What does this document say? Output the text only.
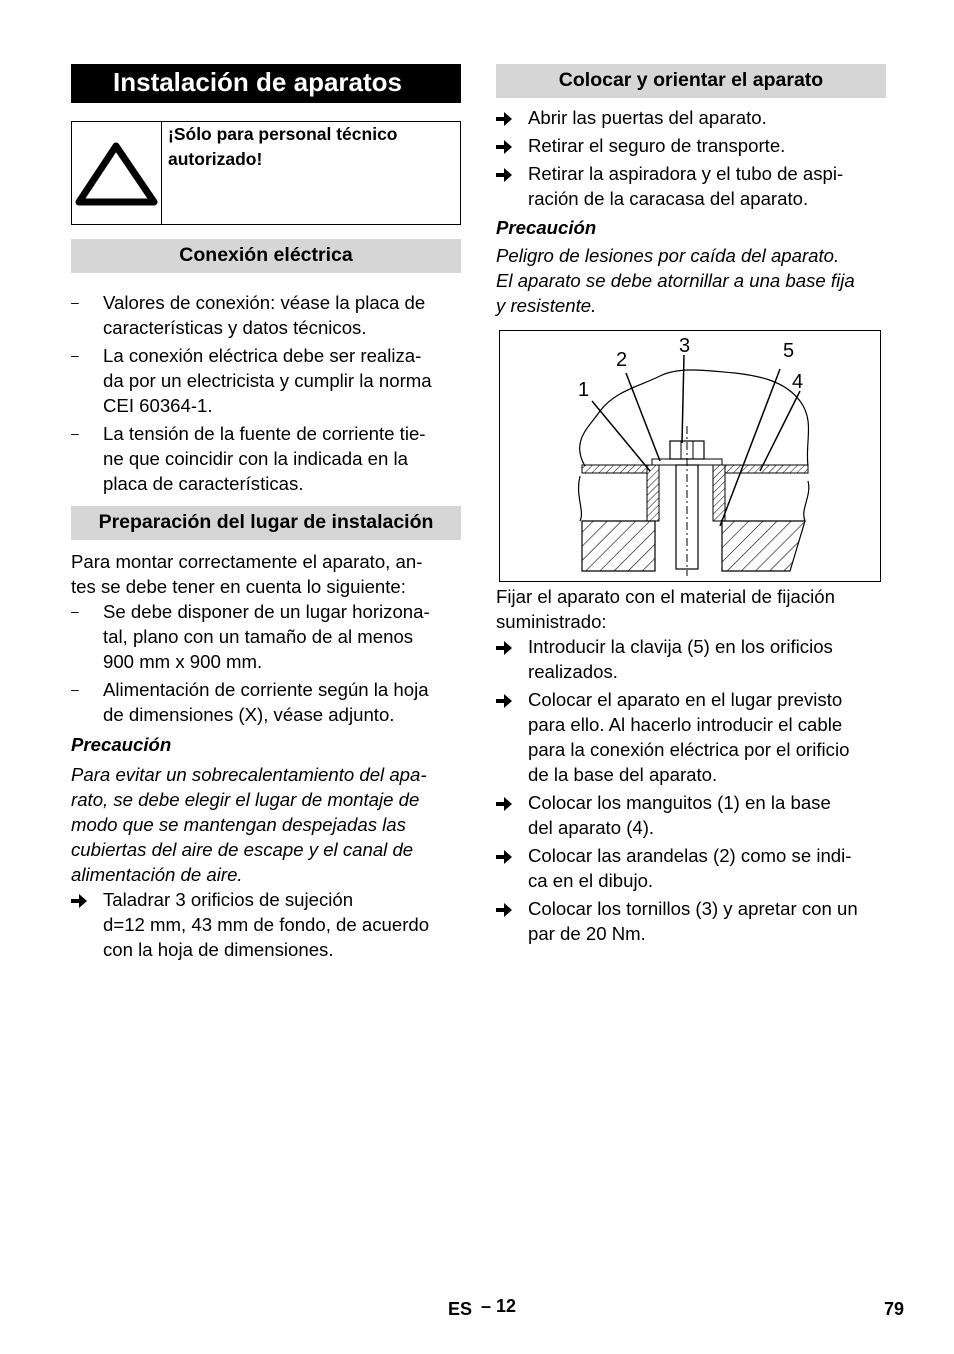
Instalación de aparatos
¡Sólo para personal técnico
autorizado!
Conexión eléctrica
–	Valores de conexión: véase la placa de
características y datos técnicos.
–	La conexión eléctrica debe ser realiza-
da por un electricista y cumplir la norma
CEI 60364-1.
–	La tensión de la fuente de corriente tie-
ne que coincidir con la indicada en la
placa de características.
Preparación del lugar de instalación

Para montar correctamente el aparato, an-
tes se debe tener en cuenta lo siguiente:

–	Se debe disponer de un lugar horizona-
tal, plano con un tamaño de al menos
900 mm x 900 mm.
–	Alimentación de corriente según la hoja
de dimensiones (X), véase adjunto.
Precaución

Para evitar un sobrecalentamiento del apa-
rato, se debe elegir el lugar de montaje de
modo que se mantengan despejadas las
cubiertas del aire de escape y el canal de
alimentación de aire.

Taladrar 3 orificios de sujeción
d=12 mm, 43 mm de fondo, de acuerdo
con la hoja de dimensiones.
Colocar y orientar el aparato
Abrir las puertas del aparato.
Retirar el seguro de transporte.
Retirar la aspiradora y el tubo de aspi-
ración de la caracasa del aparato.
Precaución

Peligro de lesiones por caída del aparato.
El aparato se debe atornillar a una base fija
y resistente.

1
2
3
4
5

Fijar el aparato con el material de fijación
suministrado:

Introducir la clavija (5) en los orificios
realizados.
Colocar el aparato en el lugar previsto
para ello. Al hacerlo introducir el cable
para la conexión eléctrica por el orificio
de la base del aparato.
Colocar los manguitos (1) en la base
del aparato (4).
Colocar las arandelas (2) como se indi-
ca en el dibujo.
Colocar los tornillos (3) y apretar con un
par de 20 Nm.
ES – 12	79
